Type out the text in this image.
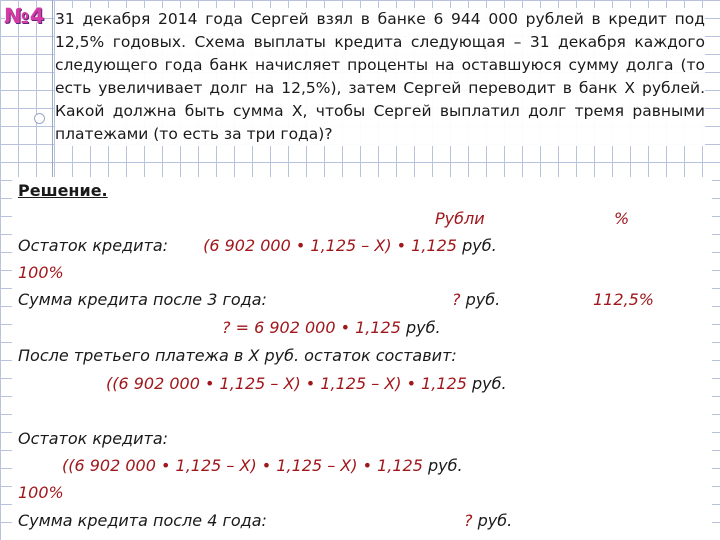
№4 31 декабря 2014 года Сергей взял в банке 6 944 000 рублей в кредит под 12,5% годовых. Схема выплаты кредита следующая – 31 декабря каждого следующего года банк начисляет проценты на оставшуюся сумму долга (то есть увеличивает долг на 12,5%), затем Сергей переводит в банк X рублей. Какой должна быть сумма X, чтобы Сергей выплатил долг тремя равными платежами (то есть за три года)?

Решение.

Рубли	%

Остаток кредита: (6 902 000 • 1,125 – X) • 1,125 руб.

100%

Сумма кредита после 3 года:	? руб.	112,5%

? = 6 902 000 • 1,125 руб.

После третьего платежа в X руб. остаток составит:

((6 902 000 • 1,125 – X) • 1,125 – X) • 1,125 руб.

Остаток кредита:

((6 902 000 • 1,125 – X) • 1,125 – X) • 1,125 руб.

100%

Сумма кредита после 4 года:	? руб.
